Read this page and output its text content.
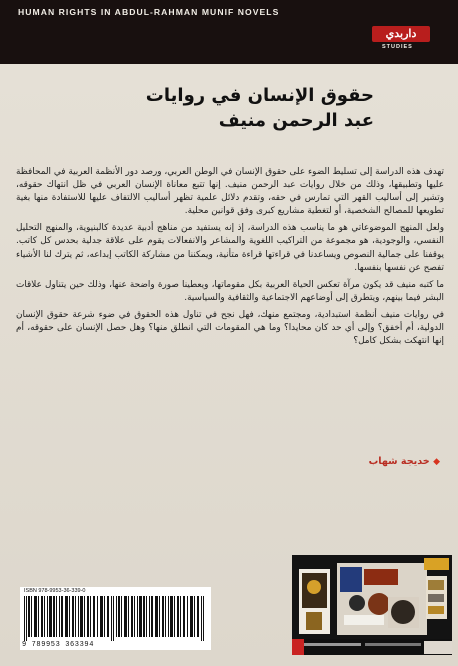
HUMAN RIGHTS IN ABDUL-RAHMAN MUNIF NOVELS
داربدي
STUDIES
حقوق الإنسان في روايات
عبد الرحمن منيف

تهدف هذه الدراسة إلى تسليط الضوء على حقوق الإنسان في الوطن العربي، ورصد دور الأنظمة العربية في المحافظة عليها وتطبيقها، وذلك من خلال روايات عبد الرحمن منيف. إنها تتبع معاناة الإنسان العربي في ظل انتهاك حقوقه، وتشير إلى أساليب القهر التي تمارس في حقه، وتقدم دلائل علمية تظهر أساليب الالتفاف عليها للاستفادة منها بغية تطويعها للمصالح الشخصية، أو لتغطية مشاريع كبرى وفق قوانين محلية.

ولعل المنهج الموضوعاتي هو ما يناسب هذه الدراسة، إذ إنه يستفيد من مناهج أدبية عديدة كالبنيوية، والمنهج التحليل النفسي، والوجودية، هو مجموعة من التراكيب اللغوية والمشاعر والانفعالات يقوم على علاقة جدلية بحدس كل كاتب. يوقفنا على جمالية النصوص ويساعدنا في قراءتها قراءة متأنية، ويمكننا من مشاركة الكاتب إبداعه، ثم يترك لنا الأشياء تفصح عن نفسها بنفسها.

ما كتبه منيف قد يكون مرآة تعكس الحياة العربية بكل مقوماتها، ويعطينا صورة واضحة عنها، وذلك حين يتناول علاقات البشر فيما بينهم، ويتطرق إلى أوضاعهم الاجتماعية والثقافية والسياسية.

في روايات منيف أنظمة استبدادية، ومجتمع منهك، فهل نجح في تناول هذه الحقوق في ضوء شرعة حقوق الإنسان الدولية، أم أخفق؟ وإلى أي حد كان محايدا؟ وما هي المقومات التي انطلق منها؟ وهل حصل الإنسان على حقوقه، أم إنها انتهكت بشكل كامل؟

◆ خديجة شهاب
ISBN 978-9953-36-339-0
9 789953 363394
